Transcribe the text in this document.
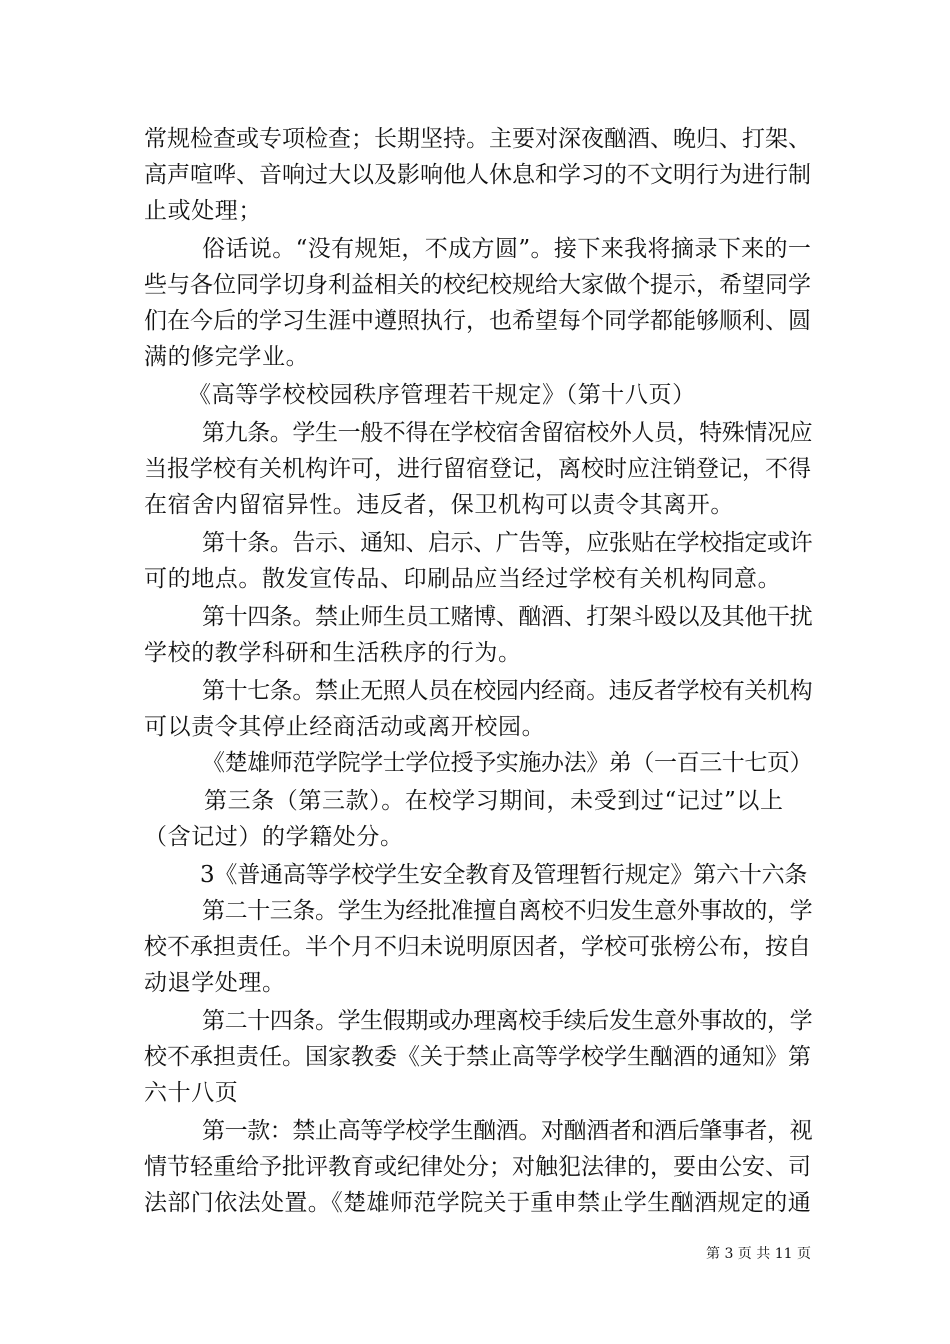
常规检查或专项检查；长期坚持。主要对深夜酗酒、晚归、打架、
高声喧哗、音响过大以及影响他人休息和学习的不文明行为进行制
止或处理；
俗话说。“没有规矩，不成方圆”。接下来我将摘录下来的一
些与各位同学切身利益相关的校纪校规给大家做个提示，希望同学
们在今后的学习生涯中遵照执行，也希望每个同学都能够顺利、圆
满的修完学业。
《高等学校校园秩序管理若干规定》（第十八页）
第九条。学生一般不得在学校宿舍留宿校外人员，特殊情况应
当报学校有关机构许可，进行留宿登记，离校时应注销登记，不得
在宿舍内留宿异性。违反者，保卫机构可以责令其离开。
第十条。告示、通知、启示、广告等，应张贴在学校指定或许
可的地点。散发宣传品、印刷品应当经过学校有关机构同意。
第十四条。禁止师生员工赌博、酗酒、打架斗殴以及其他干扰
学校的教学科研和生活秩序的行为。
第十七条。禁止无照人员在校园内经商。违反者学校有关机构
可以责令其停止经商活动或离开校园。
《楚雄师范学院学士学位授予实施办法》弟（一百三十七页）
第三条（第三款）。在校学习期间，未受到过“记过”以上
（含记过）的学籍处分。
3《普通高等学校学生安全教育及管理暂行规定》第六十六条
第二十三条。学生为经批准擅自离校不归发生意外事故的，学
校不承担责任。半个月不归未说明原因者，学校可张榜公布，按自
动退学处理。
第二十四条。学生假期或办理离校手续后发生意外事故的，学
校不承担责任。国家教委《关于禁止高等学校学生酗酒的通知》第
六十八页
第一款：禁止高等学校学生酗酒。对酗酒者和酒后肇事者，视
情节轻重给予批评教育或纪律处分；对触犯法律的，要由公安、司
法部门依法处置。《楚雄师范学院关于重申禁止学生酗酒规定的通
第 3 页 共 11 页
